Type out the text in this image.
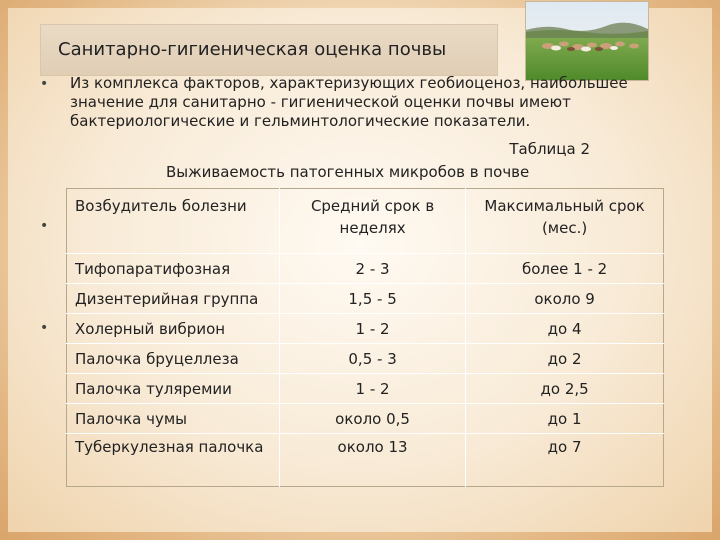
Санитарно-гигиеническая оценка почвы
• Из комплекса факторов, характеризующих геобиоценоз, наибольшее значение для санитарно - гигиенической оценки почвы имеют бактериологические и гельминтологические показатели.

Таблица 2
Выживаемость патогенных микробов в почве
•
•
Возбудитель болезни	Средний срок в неделях	Максимальный срок (мес.)
Тифопаратифозная	2 - 3	более 1 - 2
Дизентерийная группа	1,5 - 5	около 9
Холерный вибрион	1 - 2	до 4
Палочка бруцеллеза	0,5 - 3	до 2
Палочка туляремии	1 - 2	до 2,5
Палочка чумы	около 0,5	до 1
Туберкулезная палочка	около 13	до 7
